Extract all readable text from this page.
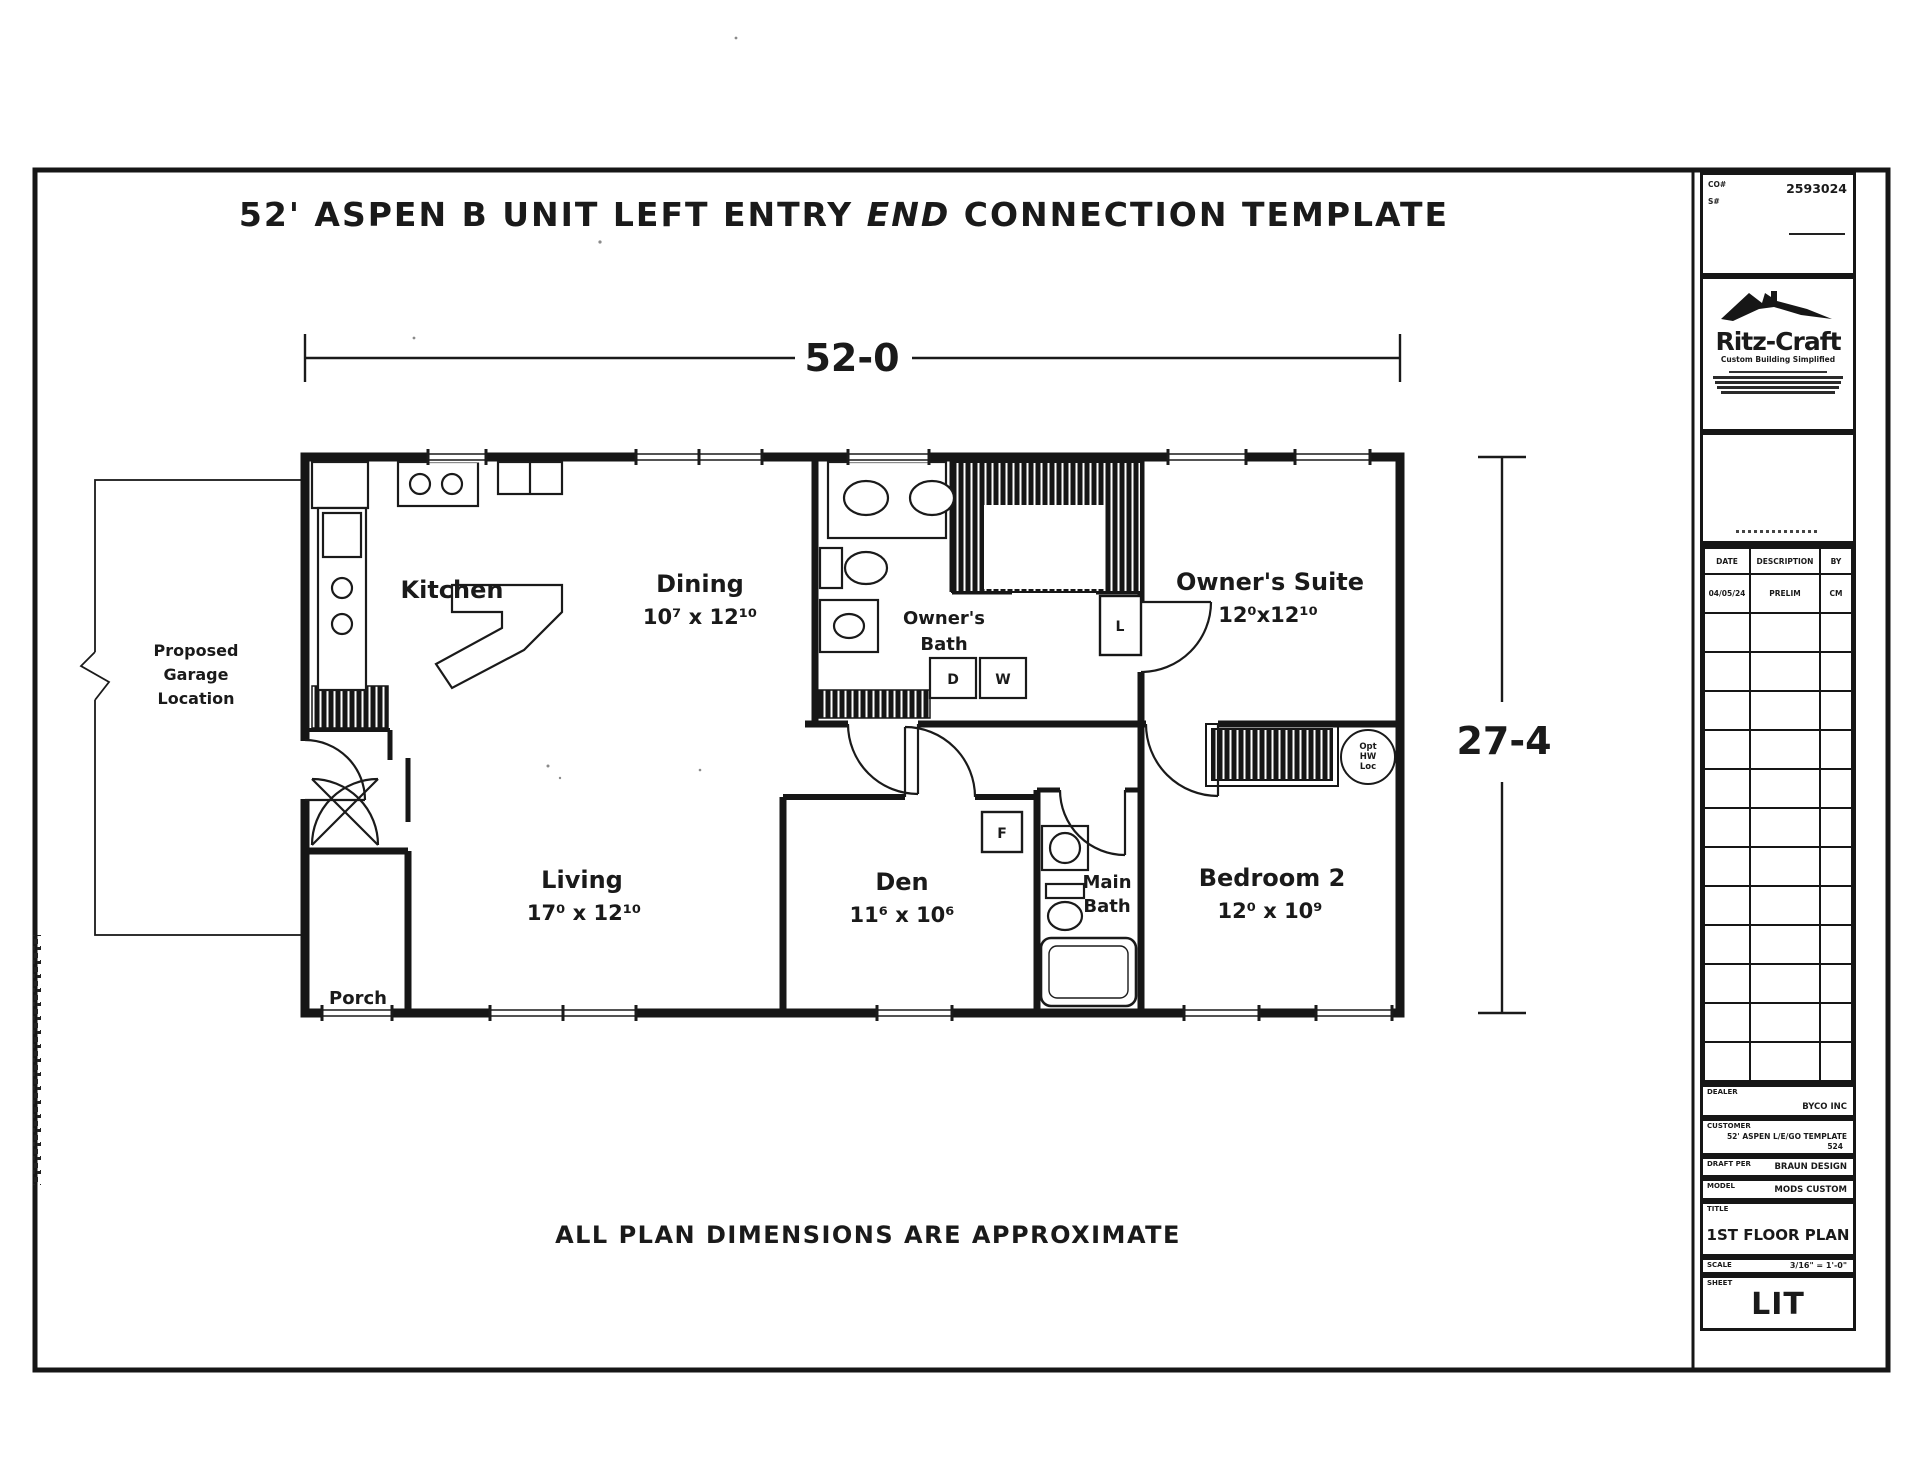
52' ASPEN B UNIT LEFT ENTRY END CONNECTION TEMPLATE
ALL PLAN DIMENSIONS ARE APPROXIMATE
52-0
27-4
Proposed
Garage
Location
L
D	W
F
Opt
HW
Loc
Kitchen	Dining
10⁷ x 12¹⁰
Owner's Suite
12⁰x12¹⁰
Owner's
Bath
Living
17⁰ x 12¹⁰
Den
11⁶ x 10⁶
Main
Bath
Bedroom 2
12⁰ x 10⁹
Porch
CO#
S#
2593024
Ritz-Craft
Custom Building Simplified
DATE	DESCRIPTION	BY
04/05/24	PRELIM	CM

DEALER
BYCO INC
CUSTOMER
52' ASPEN L/E/GO TEMPLATE
524
DRAFT PER	BRAUN DESIGN
MODEL	MODS CUSTOM
TITLE
1ST FLOOR PLAN
SCALE	3/16" = 1'-0"
SHEET
LIT
